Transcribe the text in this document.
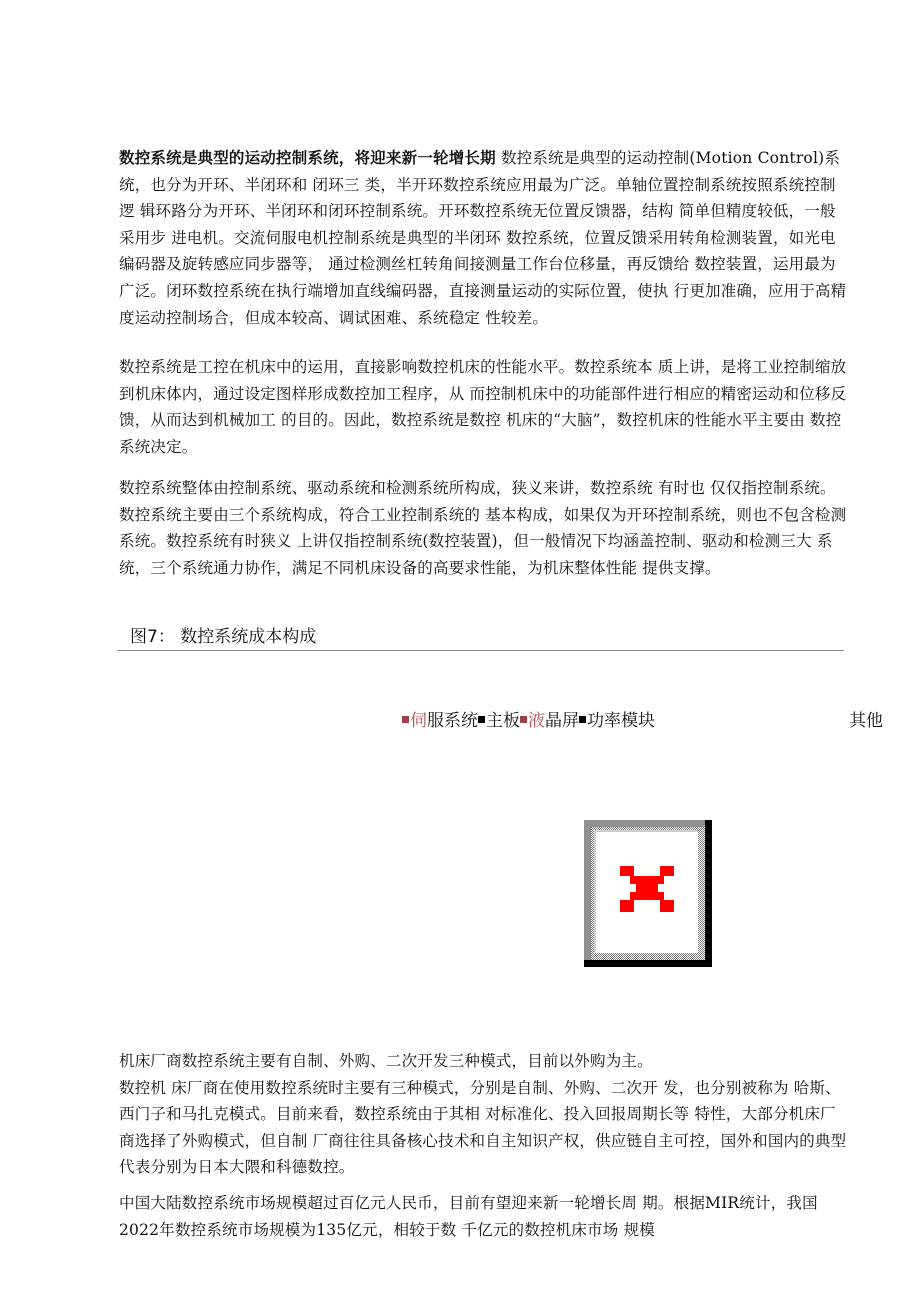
数控系统是典型的运动控制系统，将迎来新一轮增长期 数控系统是典型的运动控制(Motion Control)系统，也分为开环、半闭环和 闭环三 类，半开环数控系统应用最为广泛。单轴位置控制系统按照系统控制逻 辑环路分为开环、半闭环和闭环控制系统。开环数控系统无位置反馈器，结构 简单但精度较低，一般采用步 进电机。交流伺服电机控制系统是典型的半闭环 数控系统，位置反馈采用转角检测装置，如光电编码器及旋转感应同步器等， 通过检测丝杠转角间接测量工作台位移量，再反馈给 数控装置，运用最为广泛。闭环数控系统在执行端增加直线编码器，直接测量运动的实际位置，使执 行更加准确，应用于高精度运动控制场合，但成本较高、调试困难、系统稳定 性较差。

数控系统是工控在机床中的运用，直接影响数控机床的性能水平。数控系统本 质上讲，是将工业控制缩放到机床体内，通过设定图样形成数控加工程序，从 而控制机床中的功能部件进行相应的精密运动和位移反馈，从而达到机械加工 的目的。因此，数控系统是数控 机床的“大脑”，数控机床的性能水平主要由 数控系统决定。

数控系统整体由控制系统、驱动系统和检测系统所构成，狭义来讲，数控系统 有时也 仅仅指控制系统。数控系统主要由三个系统构成，符合工业控制系统的 基本构成，如果仅为开环控制系统，则也不包含检测系统。数控系统有时狭义 上讲仅指控制系统(数控装置)，但一般情况下均涵盖控制、驱动和检测三大 系统，三个系统通力协作，满足不同机床设备的高要求性能，为机床整体性能 提供支撑。

图7： 数控系统成本构成
伺服系统 主板 液晶屏 功率模块	其他

机床厂商数控系统主要有自制、外购、二次开发三种模式，目前以外购为主。
数控机 床厂商在使用数控系统时主要有三种模式，分别是自制、外购、二次开 发，也分别被称为 哈斯、西门子和马扎克模式。目前来看，数控系统由于其相 对标准化、投入回报周期长等 特性，大部分机床厂商选择了外购模式，但自制 厂商往往具备核心技术和自主知识产权，供应链自主可控，国外和国内的典型 代表分别为日本大隈和科德数控。

中国大陆数控系统市场规模超过百亿元人民币，目前有望迎来新一轮增长周 期。根据MIR统计，我国2022年数控系统市场规模为135亿元，相较于数 千亿元的数控机床市场 规模
